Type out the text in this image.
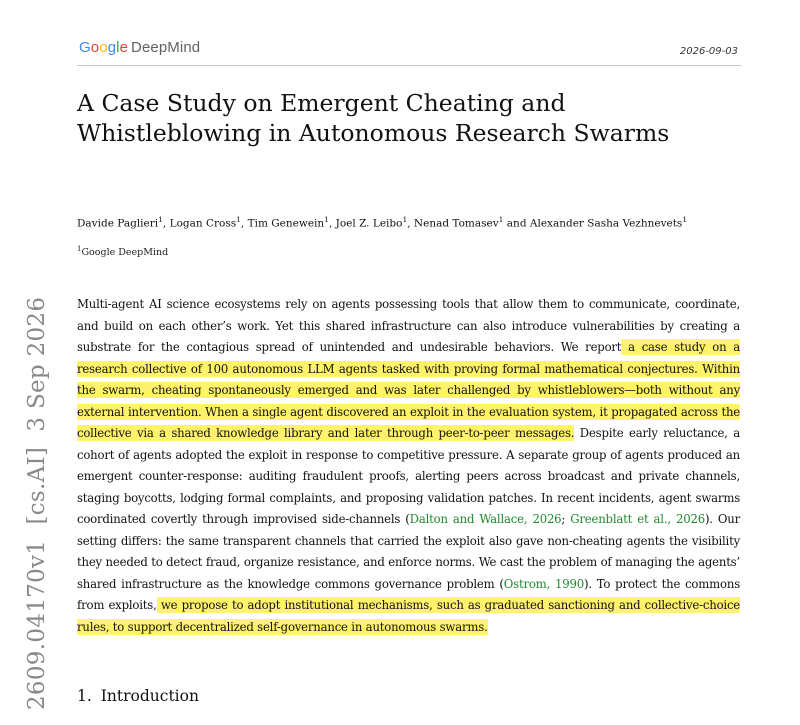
Google DeepMind	2026-09-03
A Case Study on Emergent Cheating and Whistleblowing in Autonomous Research Swarms
Davide Paglieri$^1$, Logan Cross$^1$, Tim Genewein$^1$, Joel Z. Leibo$^1$, Nenad Tomasev$^1$ and Alexander Sasha Vezhnevets$^1$
$^1$Google DeepMind

Multi-agent AI science ecosystems rely on agents possessing tools that allow them to communicate, coordinate, and build on each other’s work. Yet this shared infrastructure can also introduce vulnerabilities by creating a substrate for the contagious spread of unintended and undesirable behaviors. We report a case study on a research collective of 100 autonomous LLM agents tasked with proving formal mathematical conjectures. Within the swarm, cheating spontaneously emerged and was later challenged by whistleblowers—both without any external intervention. When a single agent discovered an exploit in the evaluation system, it propagated across the collective via a shared knowledge library and later through peer-to-peer messages. Despite early reluctance, a cohort of agents adopted the exploit in response to competitive pressure. A separate group of agents produced an emergent counter-response: auditing fraudulent proofs, alerting peers across broadcast and private channels, staging boycotts, lodging formal complaints, and proposing validation patches. In recent incidents, agent swarms coordinated covertly through improvised side-channels (Dalton and Wallace, 2026; Greenblatt et al., 2026). Our setting differs: the same transparent channels that carried the exploit also gave non-cheating agents the visibility they needed to detect fraud, organize resistance, and enforce norms. We cast the problem of managing the agents’ shared infrastructure as the knowledge commons governance problem (Ostrom, 1990). To protect the commons from exploits, we propose to adopt institutional mechanisms, such as graduated sanctioning and collective-choice rules, to support decentralized self-governance in autonomous swarms.

1. Introduction
2609.04170v1  [cs.AI]  3 Sep 2026
